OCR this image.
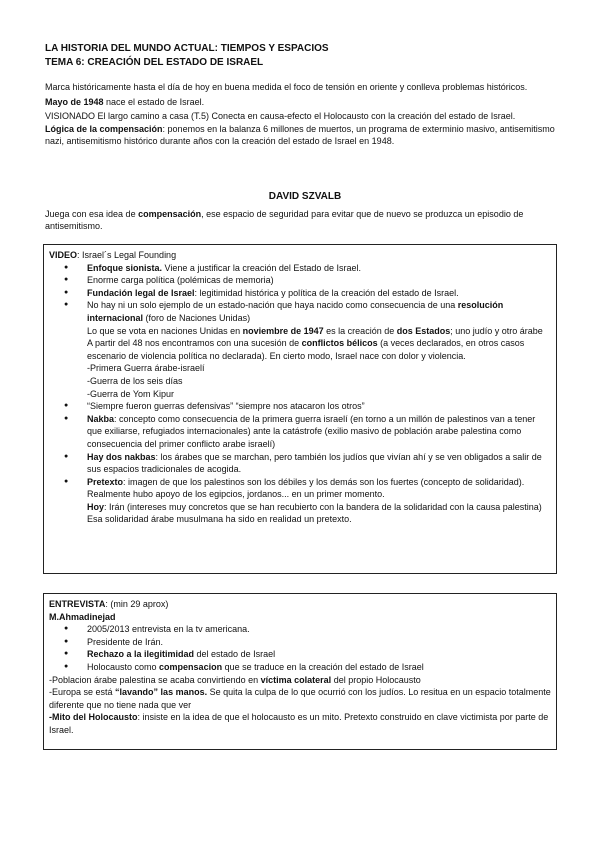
LA HISTORIA DEL MUNDO ACTUAL: TIEMPOS Y ESPACIOS

TEMA 6: CREACIÓN DEL ESTADO DE ISRAEL

Marca históricamente hasta el día de hoy en buena medida el foco de tensión en oriente y conlleva problemas históricos.

Mayo de 1948 nace el estado de Israel.

VISIONADO El largo camino a casa (T.5) Conecta en causa-efecto el Holocausto con la creación del estado de Israel.

Lógica de la compensación: ponemos en la balanza 6 millones de muertos, un programa de exterminio masivo, antisemitismo nazi, antisemitismo histórico durante años con la creación del estado de Israel en 1948.

DAVID SZVALB

Juega con esa idea de compensación, ese espacio de seguridad para evitar que de nuevo se produzca un episodio de antisemitismo.

VIDEO: Israel´s Legal Founding

● Enfoque sionista. Viene a justificar la creación del Estado de Israel.
● Enorme carga política (polémicas de memoria)
● Fundación legal de Israel: legitimidad histórica y política de la creación del estado de Israel.
● No hay ni un solo ejemplo de un estado-nación que haya nacido como consecuencia de una resolución internacional (foro de Naciones Unidas)

Lo que se vota en naciones Unidas en noviembre de 1947 es la creación de dos Estados; uno judío y otro árabe

A partir del 48 nos encontramos con una sucesión de conflictos bélicos (a veces declarados, en otros casos escenario de violencia política no declarada). En cierto modo, Israel nace con dolor y violencia.

-Primera Guerra árabe-israelí

-Guerra de los seis días

-Guerra de Yom Kipur

● “Siempre fueron guerras defensivas” “siempre nos atacaron los otros”
● Nakba: concepto como consecuencia de la primera guerra israelí (en torno a un millón de palestinos van a tener que exiliarse, refugiados internacionales) ante la catástrofe (exilio masivo de población arabe palestina como consecuencia del primer conflicto arabe israelí)
● Hay dos nakbas: los árabes que se marchan, pero también los judíos que vivían ahí y se ven obligados a salir de sus espacios tradicionales de acogida.
● Pretexto: imagen de que los palestinos son los débiles y los demás son los fuertes (concepto de solidaridad). Realmente hubo apoyo de los egipcios, jordanos... en un primer momento.

Hoy: Irán (intereses muy concretos que se han recubierto con la bandera de la solidaridad con la causa palestina)

Esa solidaridad árabe musulmana ha sido en realidad un pretexto.

ENTREVISTA: (min 29 aprox)

M.Ahmadinejad

● 2005/2013 entrevista en la tv americana.
● Presidente de Irán.
● Rechazo a la ilegitimidad del estado de Israel
● Holocausto como compensacion que se traduce en la creación del estado de Israel

-Poblacion árabe palestina se acaba convirtiendo en víctima colateral del propio Holocausto

-Europa se está “lavando” las manos. Se quita la culpa de lo que ocurrió con los judíos. Lo resitua en un espacio totalmente diferente que no tiene nada que ver

-Mito del Holocausto: insiste en la idea de que el holocausto es un mito. Pretexto construido en clave victimista por parte de Israel.
